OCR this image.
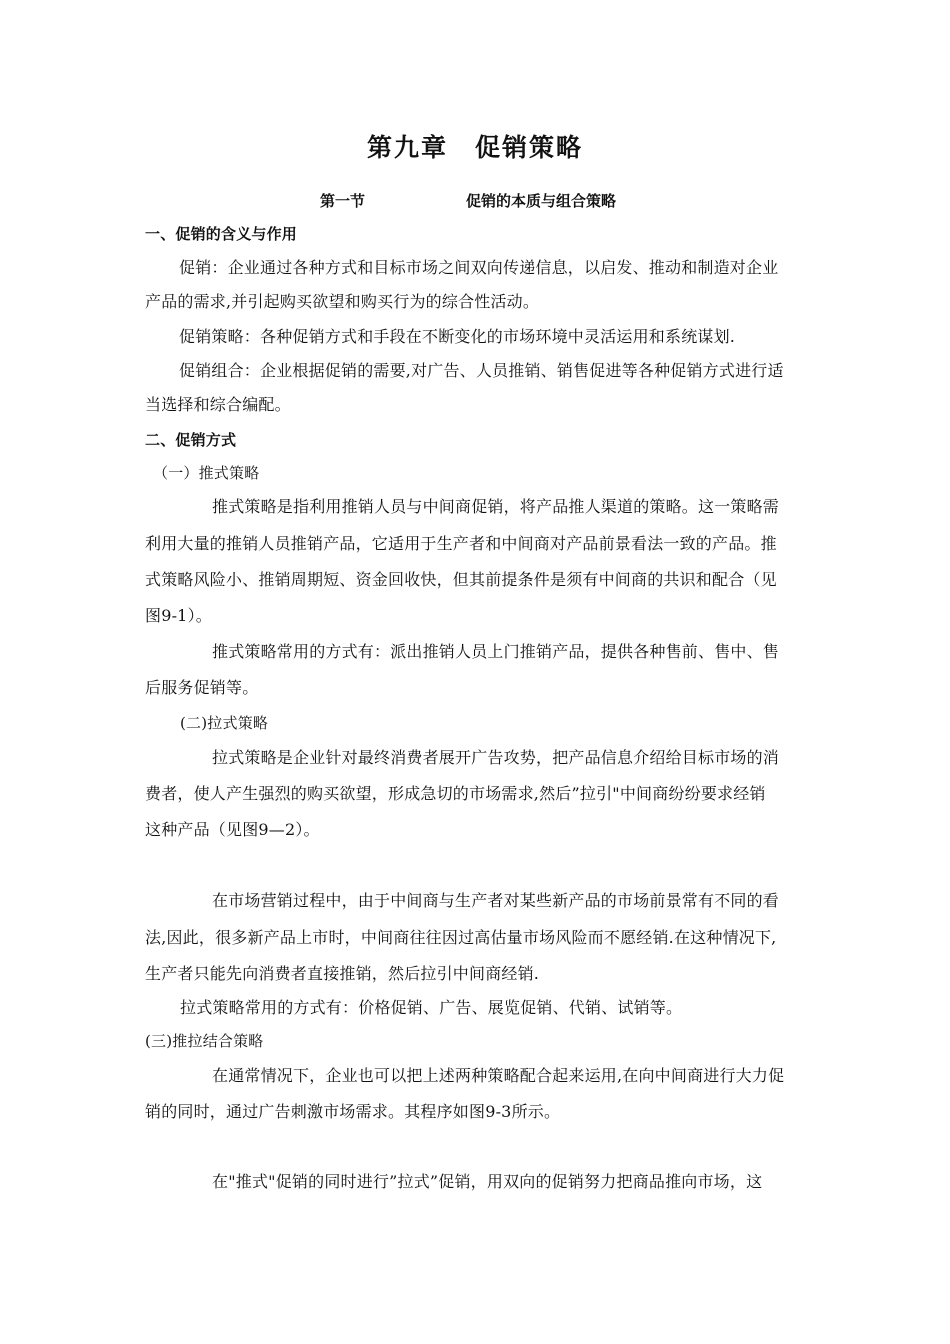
第九章　促销策略
第一节	促销的本质与组合策略
一、促销的含义与作用
促销：企业通过各种方式和目标市场之间双向传递信息，以启发、推动和制造对企业
产品的需求,并引起购买欲望和购买行为的综合性活动。
促销策略：各种促销方式和手段在不断变化的市场环境中灵活运用和系统谋划.
促销组合：企业根据促销的需要,对广告、人员推销、销售促进等各种促销方式进行适
当选择和综合编配。
二、促销方式
（一）推式策略
推式策略是指利用推销人员与中间商促销，将产品推人渠道的策略。这一策略需
利用大量的推销人员推销产品，它适用于生产者和中间商对产品前景看法一致的产品。推
式策略风险小、推销周期短、资金回收快，但其前提条件是须有中间商的共识和配合（见
图9-1）。
推式策略常用的方式有：派出推销人员上门推销产品，提供各种售前、售中、售
后服务促销等。
(二)拉式策略
拉式策略是企业针对最终消费者展开广告攻势，把产品信息介绍给目标市场的消
费者，使人产生强烈的购买欲望，形成急切的市场需求,然后”拉引"中间商纷纷要求经销
这种产品（见图9—2）。
在市场营销过程中，由于中间商与生产者对某些新产品的市场前景常有不同的看
法,因此，很多新产品上市时，中间商往往因过高估量市场风险而不愿经销.在这种情况下,
生产者只能先向消费者直接推销，然后拉引中间商经销.
拉式策略常用的方式有：价格促销、广告、展览促销、代销、试销等。
(三)推拉结合策略
在通常情况下，企业也可以把上述两种策略配合起来运用,在向中间商进行大力促
销的同时，通过广告刺激市场需求。其程序如图9-3所示。
在"推式"促销的同时进行”拉式”促销，用双向的促销努力把商品推向市场，这
